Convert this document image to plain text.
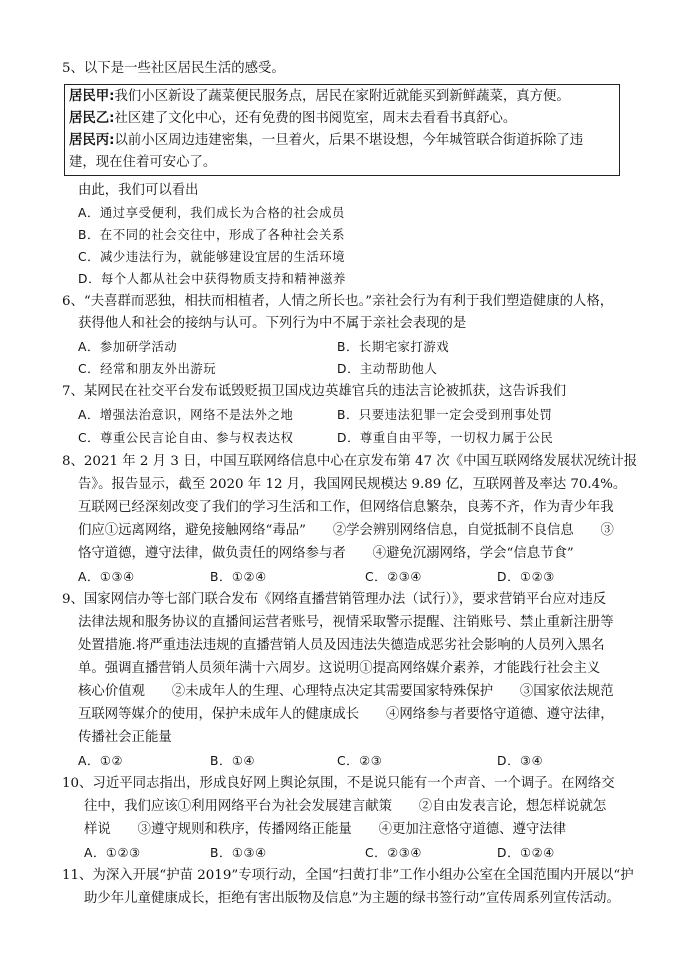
5、以下是一些社区居民生活的感受。
居民甲:我们小区新设了蔬菜便民服务点，居民在家附近就能买到新鲜蔬菜，真方便。
居民乙:社区建了文化中心，还有免费的图书阅览室，周末去看看书真舒心。
居民丙:以前小区周边违建密集，一旦着火，后果不堪设想，今年城管联合街道拆除了违
建，现在住着可安心了。
由此，我们可以看出
A．通过享受便利，我们成长为合格的社会成员
B．在不同的社会交往中，形成了各种社会关系
C．减少违法行为，就能够建设宜居的生活环境
D．每个人都从社会中获得物质支持和精神滋养
6、“夫喜群而恶独，相扶而相植者，人情之所长也。”亲社会行为有利于我们塑造健康的人格，
获得他人和社会的接纳与认可。下列行为中不属于亲社会表现的是
A．参加研学活动	B．长期宅家打游戏
C．经常和朋友外出游玩	D．主动帮助他人
7、某网民在社交平台发布诋毁贬损卫国戍边英雄官兵的违法言论被抓获，这告诉我们
A．增强法治意识，网络不是法外之地	B．只要违法犯罪一定会受到刑事处罚
C．尊重公民言论自由、参与权表达权	D．尊重自由平等，一切权力属于公民
8、2021 年 2 月 3 日，中国互联网络信息中心在京发布第 47 次《中国互联网络发展状况统计报
告》。报告显示，截至 2020 年 12 月，我国网民规模达 9.89 亿，互联网普及率达 70.4%。
互联网已经深刻改变了我们的学习生活和工作，但网络信息繁杂，良莠不齐，作为青少年我
们应①远离网络，避免接触网络“毒品”　　②学会辨别网络信息，自觉抵制不良信息　　③
恪守道德，遵守法律，做负责任的网络参与者　　④避免沉溺网络，学会“信息节食”
A．①③④	B．①②④	C．②③④	D．①②③
9、国家网信办等七部门联合发布《网络直播营销管理办法（试行）》，要求营销平台应对违反
法律法规和服务协议的直播间运营者账号，视情采取警示提醒、注销账号、禁止重新注册等
处置措施.将严重违法违规的直播营销人员及因违法失德造成恶劣社会影响的人员列入黑名
单。强调直播营销人员须年满十六周岁。这说明①提高网络媒介素养，才能践行社会主义
核心价值观　　②未成年人的生理、心理特点决定其需要国家特殊保护　　③国家依法规范
互联网等媒介的使用，保护未成年人的健康成长　　④网络参与者要恪守道德、遵守法律，
传播社会正能量
A．①②	B．①④	C．②③	D．③④
10、习近平同志指出，形成良好网上舆论氛围，不是说只能有一个声音、一个调子。在网络交
往中，我们应该①利用网络平台为社会发展建言献策　　②自由发表言论，想怎样说就怎
样说　　③遵守规则和秩序，传播网络正能量　　④更加注意恪守道德、遵守法律
A．①②③	B．①③④	C．②③④	D．①②④
11、为深入开展“护苗 2019”专项行动，全国“扫黄打非”工作小组办公室在全国范围内开展以“护
助少年儿童健康成长，拒绝有害出版物及信息”为主题的绿书签行动”宣传周系列宣传活动。
